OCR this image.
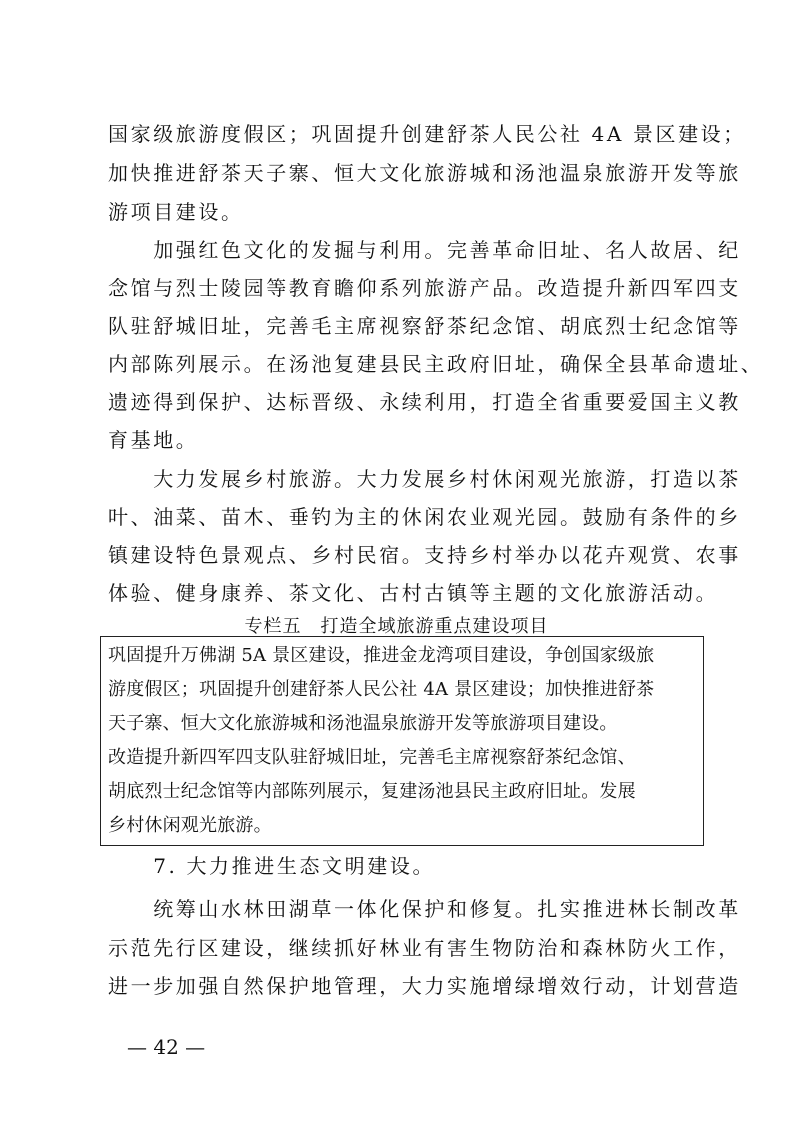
国家级旅游度假区；巩固提升创建舒茶人民公社 4A 景区建设；
加快推进舒茶天子寨、恒大文化旅游城和汤池温泉旅游开发等旅
游项目建设。
　　加强红色文化的发掘与利用。完善革命旧址、名人故居、纪
念馆与烈士陵园等教育瞻仰系列旅游产品。改造提升新四军四支
队驻舒城旧址，完善毛主席视察舒茶纪念馆、胡底烈士纪念馆等
内部陈列展示。在汤池复建县民主政府旧址，确保全县革命遗址、
遗迹得到保护、达标晋级、永续利用，打造全省重要爱国主义教
育基地。
　　大力发展乡村旅游。大力发展乡村休闲观光旅游，打造以茶
叶、油菜、苗木、垂钓为主的休闲农业观光园。鼓励有条件的乡
镇建设特色景观点、乡村民宿。支持乡村举办以花卉观赏、农事
体验、健身康养、茶文化、古村古镇等主题的文化旅游活动。
专栏五　打造全域旅游重点建设项目
巩固提升万佛湖 5A 景区建设，推进金龙湾项目建设，争创国家级旅
游度假区；巩固提升创建舒茶人民公社 4A 景区建设；加快推进舒茶
天子寨、恒大文化旅游城和汤池温泉旅游开发等旅游项目建设。
改造提升新四军四支队驻舒城旧址，完善毛主席视察舒茶纪念馆、
胡底烈士纪念馆等内部陈列展示，复建汤池县民主政府旧址。发展
乡村休闲观光旅游。
　　7. 大力推进生态文明建设。
　　统筹山水林田湖草一体化保护和修复。扎实推进林长制改革
示范先行区建设，继续抓好林业有害生物防治和森林防火工作，
进一步加强自然保护地管理，大力实施增绿增效行动，计划营造
— 42 —
